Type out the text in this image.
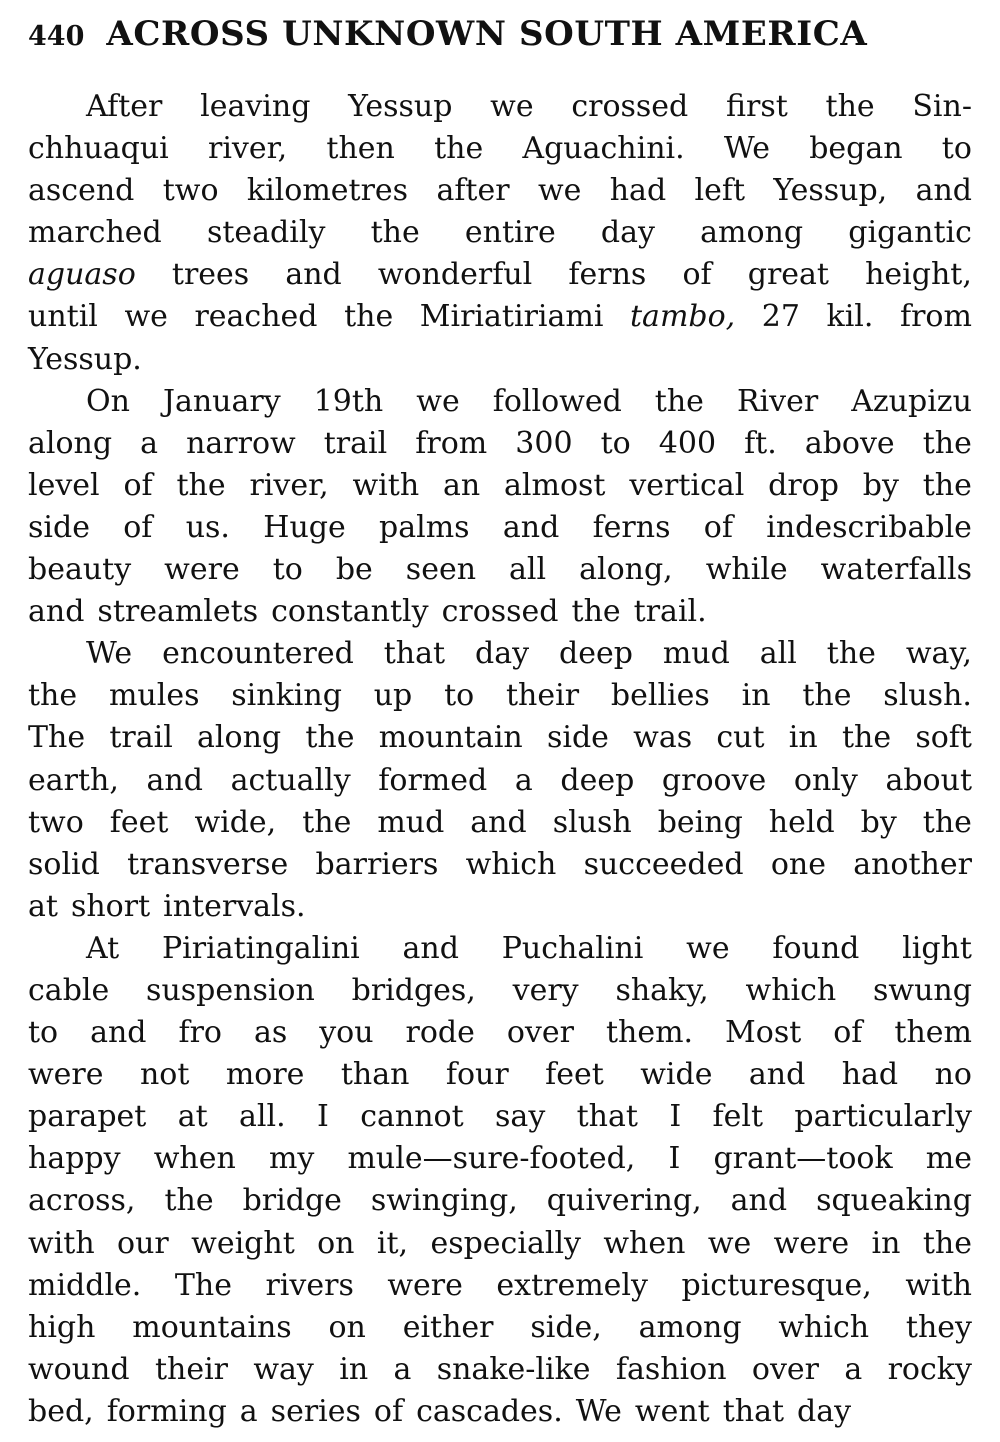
440 ACROSS UNKNOWN SOUTH AMERICA
After leaving Yessup we crossed first the Sin-
chhuaqui river, then the Aguachini. We began to
ascend two kilometres after we had left Yessup, and
marched steadily the entire day among gigantic
aguaso trees and wonderful ferns of great height,
until we reached the Miriatiriami tambo, 27 kil. from
Yessup.
On January 19th we followed the River Azupizu
along a narrow trail from 300 to 400 ft. above the
level of the river, with an almost vertical drop by the
side of us. Huge palms and ferns of indescribable
beauty were to be seen all along, while waterfalls
and streamlets constantly crossed the trail.
We encountered that day deep mud all the way,
the mules sinking up to their bellies in the slush.
The trail along the mountain side was cut in the soft
earth, and actually formed a deep groove only about
two feet wide, the mud and slush being held by the
solid transverse barriers which succeeded one another
at short intervals.
At Piriatingalini and Puchalini we found light
cable suspension bridges, very shaky, which swung
to and fro as you rode over them. Most of them
were not more than four feet wide and had no
parapet at all. I cannot say that I felt particularly
happy when my mule—sure-footed, I grant—took me
across, the bridge swinging, quivering, and squeaking
with our weight on it, especially when we were in the
middle. The rivers were extremely picturesque, with
high mountains on either side, among which they
wound their way in a snake-like fashion over a rocky
bed, forming a series of cascades. We went that day
